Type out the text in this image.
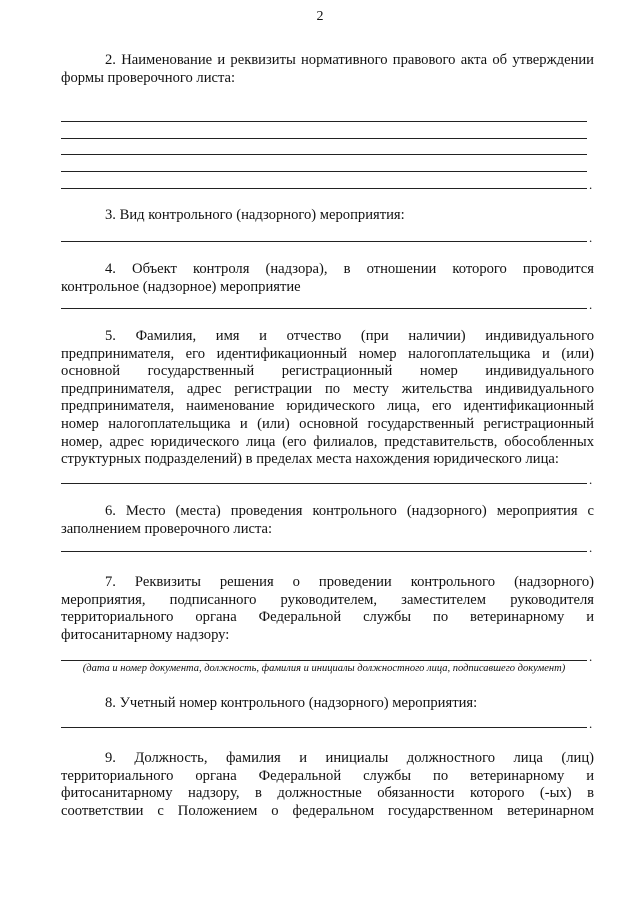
2
2. Наименование и реквизиты нормативного правового акта об утверждении
формы проверочного листа:
.
3. Вид контрольного (надзорного) мероприятия:
.
4. Объект контроля (надзора), в отношении которого проводится
контрольное (надзорное) мероприятие
.
5. Фамилия, имя и отчество (при наличии) индивидуального
предпринимателя, его идентификационный номер налогоплательщика и (или)
основной государственный регистрационный номер индивидуального
предпринимателя, адрес регистрации по месту жительства индивидуального
предпринимателя, наименование юридического лица, его идентификационный
номер налогоплательщика и (или) основной государственный регистрационный
номер, адрес юридического лица (его филиалов, представительств, обособленных
структурных подразделений) в пределах места нахождения юридического лица:
.
6. Место (места) проведения контрольного (надзорного) мероприятия с
заполнением проверочного листа:
.
7. Реквизиты решения о проведении контрольного (надзорного)
мероприятия, подписанного руководителем, заместителем руководителя
территориального органа Федеральной службы по ветеринарному и
фитосанитарному надзору:
.
(дата и номер документа, должность, фамилия и инициалы должностного лица, подписавшего документ)
8. Учетный номер контрольного (надзорного) мероприятия:
.
9. Должность, фамилия и инициалы должностного лица (лиц)
территориального органа Федеральной службы по ветеринарному и
фитосанитарному надзору, в должностные обязанности которого (-ых) в
соответствии с Положением о федеральном государственном ветеринарном
